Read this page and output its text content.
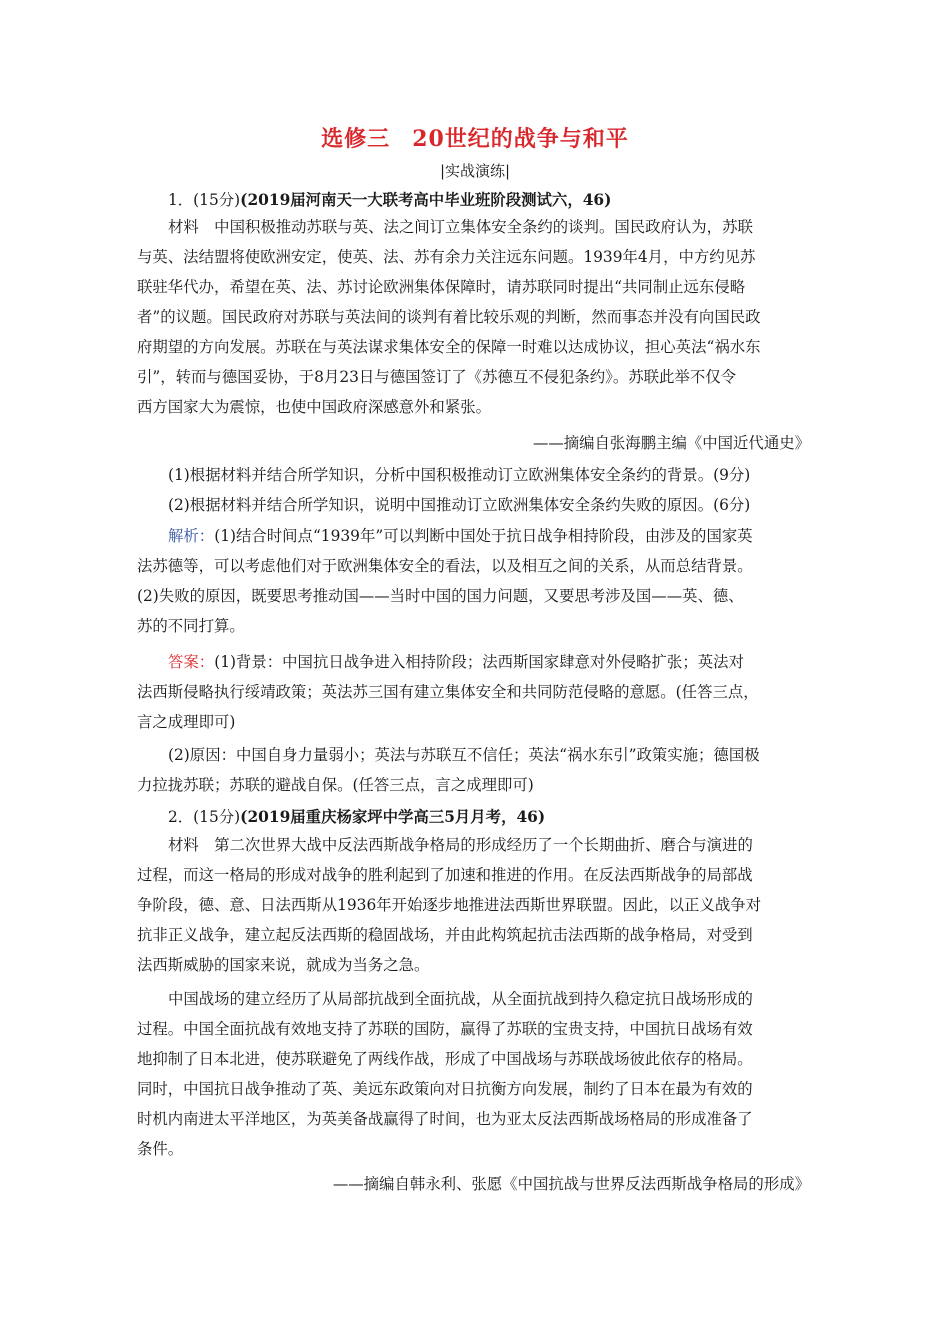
选修三 20世纪的战争与和平
|实战演练|
1．(15分)(2019届河南天一大联考高中毕业班阶段测试六，46)
材料　中国积极推动苏联与英、法之间订立集体安全条约的谈判。国民政府认为，苏联
与英、法结盟将使欧洲安定，使英、法、苏有余力关注远东问题。1939年4月，中方约见苏
联驻华代办，希望在英、法、苏讨论欧洲集体保障时，请苏联同时提出“共同制止远东侵略
者”的议题。国民政府对苏联与英法间的谈判有着比较乐观的判断，然而事态并没有向国民政
府期望的方向发展。苏联在与英法谋求集体安全的保障一时难以达成协议，担心英法“祸水东
引”，转而与德国妥协，于8月23日与德国签订了《苏德互不侵犯条约》。苏联此举不仅令
西方国家大为震惊，也使中国政府深感意外和紧张。
——摘编自张海鹏主编《中国近代通史》
(1)根据材料并结合所学知识，分析中国积极推动订立欧洲集体安全条约的背景。(9分)
(2)根据材料并结合所学知识，说明中国推动订立欧洲集体安全条约失败的原因。(6分)
解析：(1)结合时间点“1939年”可以判断中国处于抗日战争相持阶段，由涉及的国家英
法苏德等，可以考虑他们对于欧洲集体安全的看法，以及相互之间的关系，从而总结背景。
(2)失败的原因，既要思考推动国——当时中国的国力问题，又要思考涉及国——英、德、
苏的不同打算。
答案：(1)背景：中国抗日战争进入相持阶段；法西斯国家肆意对外侵略扩张；英法对
法西斯侵略执行绥靖政策；英法苏三国有建立集体安全和共同防范侵略的意愿。(任答三点，
言之成理即可)
(2)原因：中国自身力量弱小；英法与苏联互不信任；英法“祸水东引”政策实施；德国极
力拉拢苏联；苏联的避战自保。(任答三点，言之成理即可)
2．(15分)(2019届重庆杨家坪中学高三5月月考，46)
材料　第二次世界大战中反法西斯战争格局的形成经历了一个长期曲折、磨合与演进的
过程，而这一格局的形成对战争的胜利起到了加速和推进的作用。在反法西斯战争的局部战
争阶段，德、意、日法西斯从1936年开始逐步地推进法西斯世界联盟。因此，以正义战争对
抗非正义战争，建立起反法西斯的稳固战场，并由此构筑起抗击法西斯的战争格局，对受到
法西斯威胁的国家来说，就成为当务之急。
中国战场的建立经历了从局部抗战到全面抗战，从全面抗战到持久稳定抗日战场形成的
过程。中国全面抗战有效地支持了苏联的国防，赢得了苏联的宝贵支持，中国抗日战场有效
地抑制了日本北进，使苏联避免了两线作战，形成了中国战场与苏联战场彼此依存的格局。
同时，中国抗日战争推动了英、美远东政策向对日抗衡方向发展，制约了日本在最为有效的
时机内南进太平洋地区，为英美备战赢得了时间，也为亚太反法西斯战场格局的形成准备了
条件。
——摘编自韩永利、张愿《中国抗战与世界反法西斯战争格局的形成》
